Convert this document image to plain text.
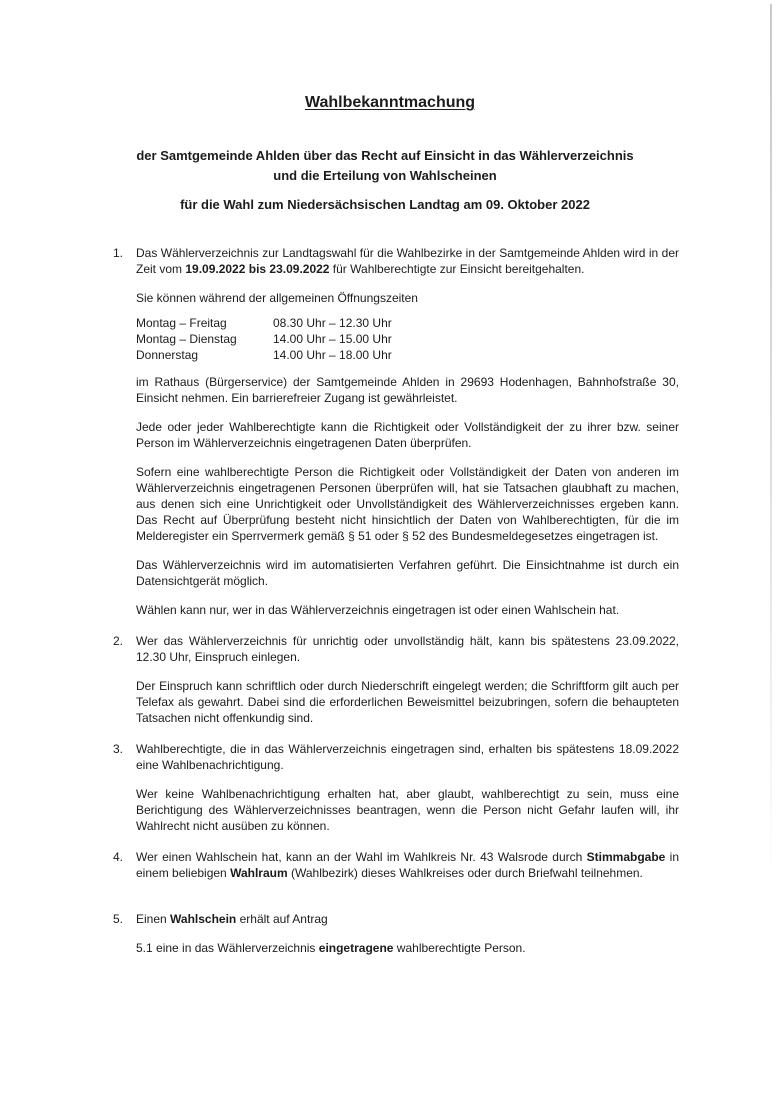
Wahlbekanntmachung

der Samtgemeinde Ahlden über das Recht auf Einsicht in das Wählerverzeichnis

und die Erteilung von Wahlscheinen

für die Wahl zum Niedersächsischen Landtag am 09. Oktober 2022

1.	Das Wählerverzeichnis zur Landtagswahl für die Wahlbezirke in der Samtgemeinde Ahlden wird in der Zeit vom 19.09.2022 bis 23.09.2022 für Wahlberechtigte zur Einsicht bereitgehalten.

Sie können während der allgemeinen Öffnungszeiten

Montag – Freitag	08.30 Uhr – 12.30 Uhr
Montag – Dienstag	14.00 Uhr – 15.00 Uhr
Donnerstag	14.00 Uhr – 18.00 Uhr

im Rathaus (Bürgerservice) der Samtgemeinde Ahlden in 29693 Hodenhagen, Bahnhofstraße 30, Einsicht nehmen. Ein barrierefreier Zugang ist gewährleistet.

Jede oder jeder Wahlberechtigte kann die Richtigkeit oder Vollständigkeit der zu ihrer bzw. seiner Person im Wählerverzeichnis eingetragenen Daten überprüfen.

Sofern eine wahlberechtigte Person die Richtigkeit oder Vollständigkeit der Daten von anderen im Wählerverzeichnis eingetragenen Personen überprüfen will, hat sie Tatsachen glaubhaft zu machen, aus denen sich eine Unrichtigkeit oder Unvollständigkeit des Wählerverzeichnisses ergeben kann. Das Recht auf Überprüfung besteht nicht hinsichtlich der Daten von Wahlberechtigten, für die im Melderegister ein Sperrvermerk gemäß § 51 oder § 52 des Bundesmeldegesetzes eingetragen ist.

Das Wählerverzeichnis wird im automatisierten Verfahren geführt. Die Einsichtnahme ist durch ein Datensichtgerät möglich.

Wählen kann nur, wer in das Wählerverzeichnis eingetragen ist oder einen Wahlschein hat.

2.	Wer das Wählerverzeichnis für unrichtig oder unvollständig hält, kann bis spätestens 23.09.2022, 12.30 Uhr, Einspruch einlegen.

Der Einspruch kann schriftlich oder durch Niederschrift eingelegt werden; die Schriftform gilt auch per Telefax als gewahrt. Dabei sind die erforderlichen Beweismittel beizubringen, sofern die behaupteten Tatsachen nicht offenkundig sind.

3.	Wahlberechtigte, die in das Wählerverzeichnis eingetragen sind, erhalten bis spätestens 18.09.2022 eine Wahlbenachrichtigung.

Wer keine Wahlbenachrichtigung erhalten hat, aber glaubt, wahlberechtigt zu sein, muss eine Berichtigung des Wählerverzeichnisses beantragen, wenn die Person nicht Gefahr laufen will, ihr Wahlrecht nicht ausüben zu können.

4.	Wer einen Wahlschein hat, kann an der Wahl im Wahlkreis Nr. 43 Walsrode durch Stimmabgabe in einem beliebigen Wahlraum (Wahlbezirk) dieses Wahlkreises oder durch Briefwahl teilnehmen.

5.	Einen Wahlschein erhält auf Antrag

5.1 eine in das Wählerverzeichnis eingetragene wahlberechtigte Person.
